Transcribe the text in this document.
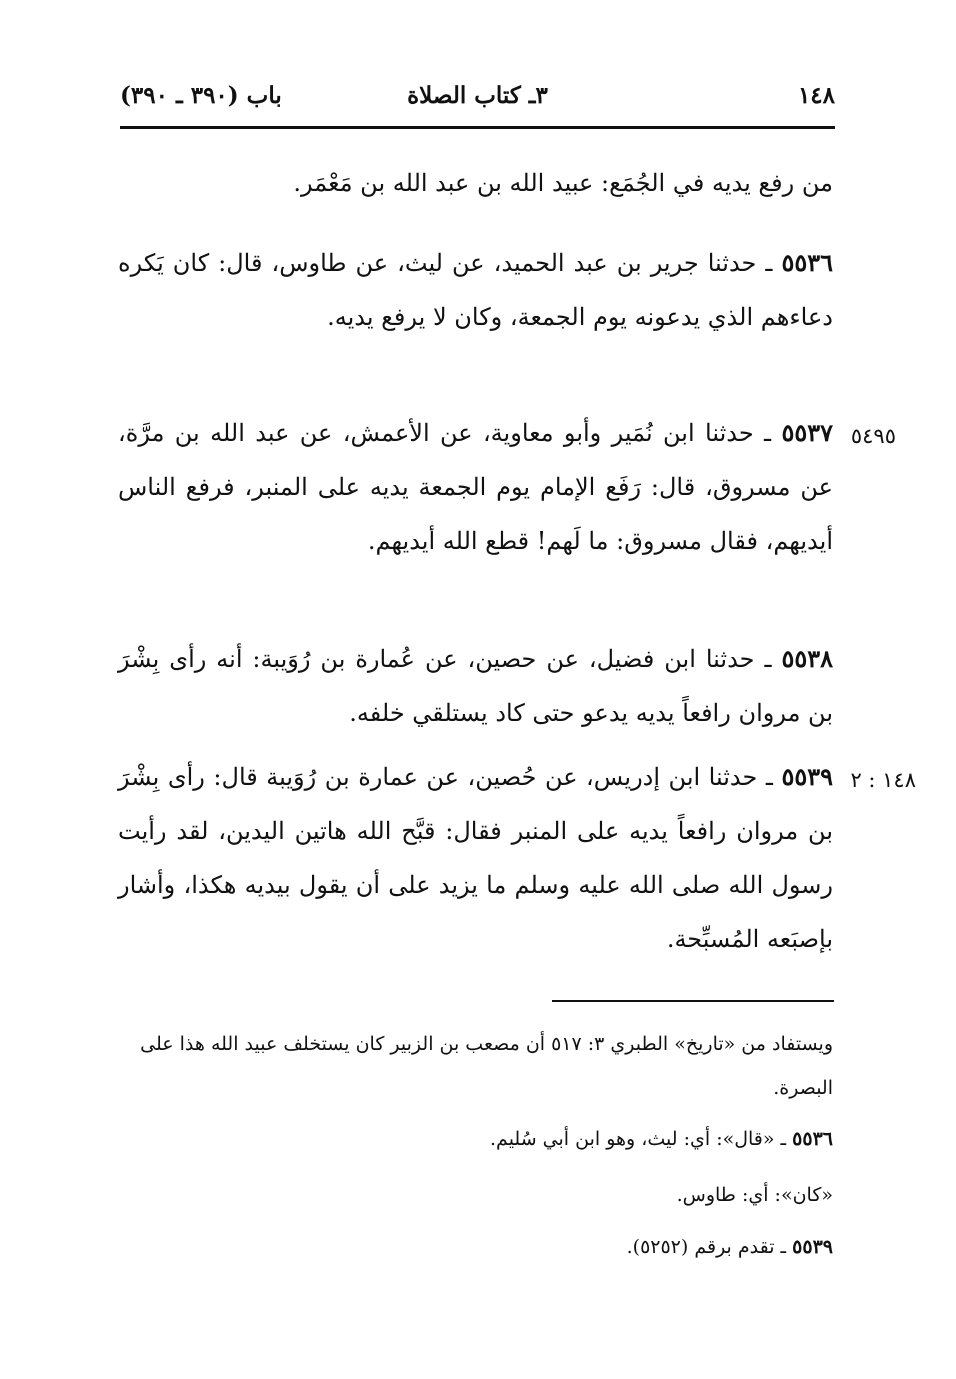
١٤٨
٣ـ كتاب الصلاة
باب (٣٩٠ ـ ٣٩٠)
من رفع يديه في الجُمَع: عبيد الله بن عبد الله بن مَعْمَر.
٥٥٣٦ ـ حدثنا جرير بن عبد الحميد، عن ليث، عن طاوس، قال: كان يَكره دعاءهم الذي يدعونه يوم الجمعة، وكان لا يرفع يديه.
٥٤٩٥
٥٥٣٧ ـ حدثنا ابن نُمَير وأبو معاوية، عن الأعمش، عن عبد الله بن مرَّة، عن مسروق، قال: رَفَع الإمام يوم الجمعة يديه على المنبر، فرفع الناس أيديهم، فقال مسروق: ما لَهم! قطع الله أيديهم.
٥٥٣٨ ـ حدثنا ابن فضيل، عن حصين، عن عُمارة بن رُوَيبة: أنه رأى بِشْرَ بن مروان رافعاً يديه يدعو حتى كاد يستلقي خلفه.
١٤٨ : ٢
٥٥٣٩ ـ حدثنا ابن إدريس، عن حُصين، عن عمارة بن رُوَيبة قال: رأى بِشْرَ بن مروان رافعاً يديه على المنبر فقال: قبَّح الله هاتين اليدين، لقد رأيت رسول الله صلى الله عليه وسلم ما يزيد على أن يقول بيديه هكذا، وأشار بإصبَعه المُسبِّحة.
ويستفاد من «تاريخ» الطبري ٣: ٥١٧ أن مصعب بن الزبير كان يستخلف عبيد الله هذا على البصرة.
٥٥٣٦ ـ «قال»: أي: ليث، وهو ابن أبي سُليم.
«كان»: أي: طاوس.
٥٥٣٩ ـ تقدم برقم (٥٢٥٢).
